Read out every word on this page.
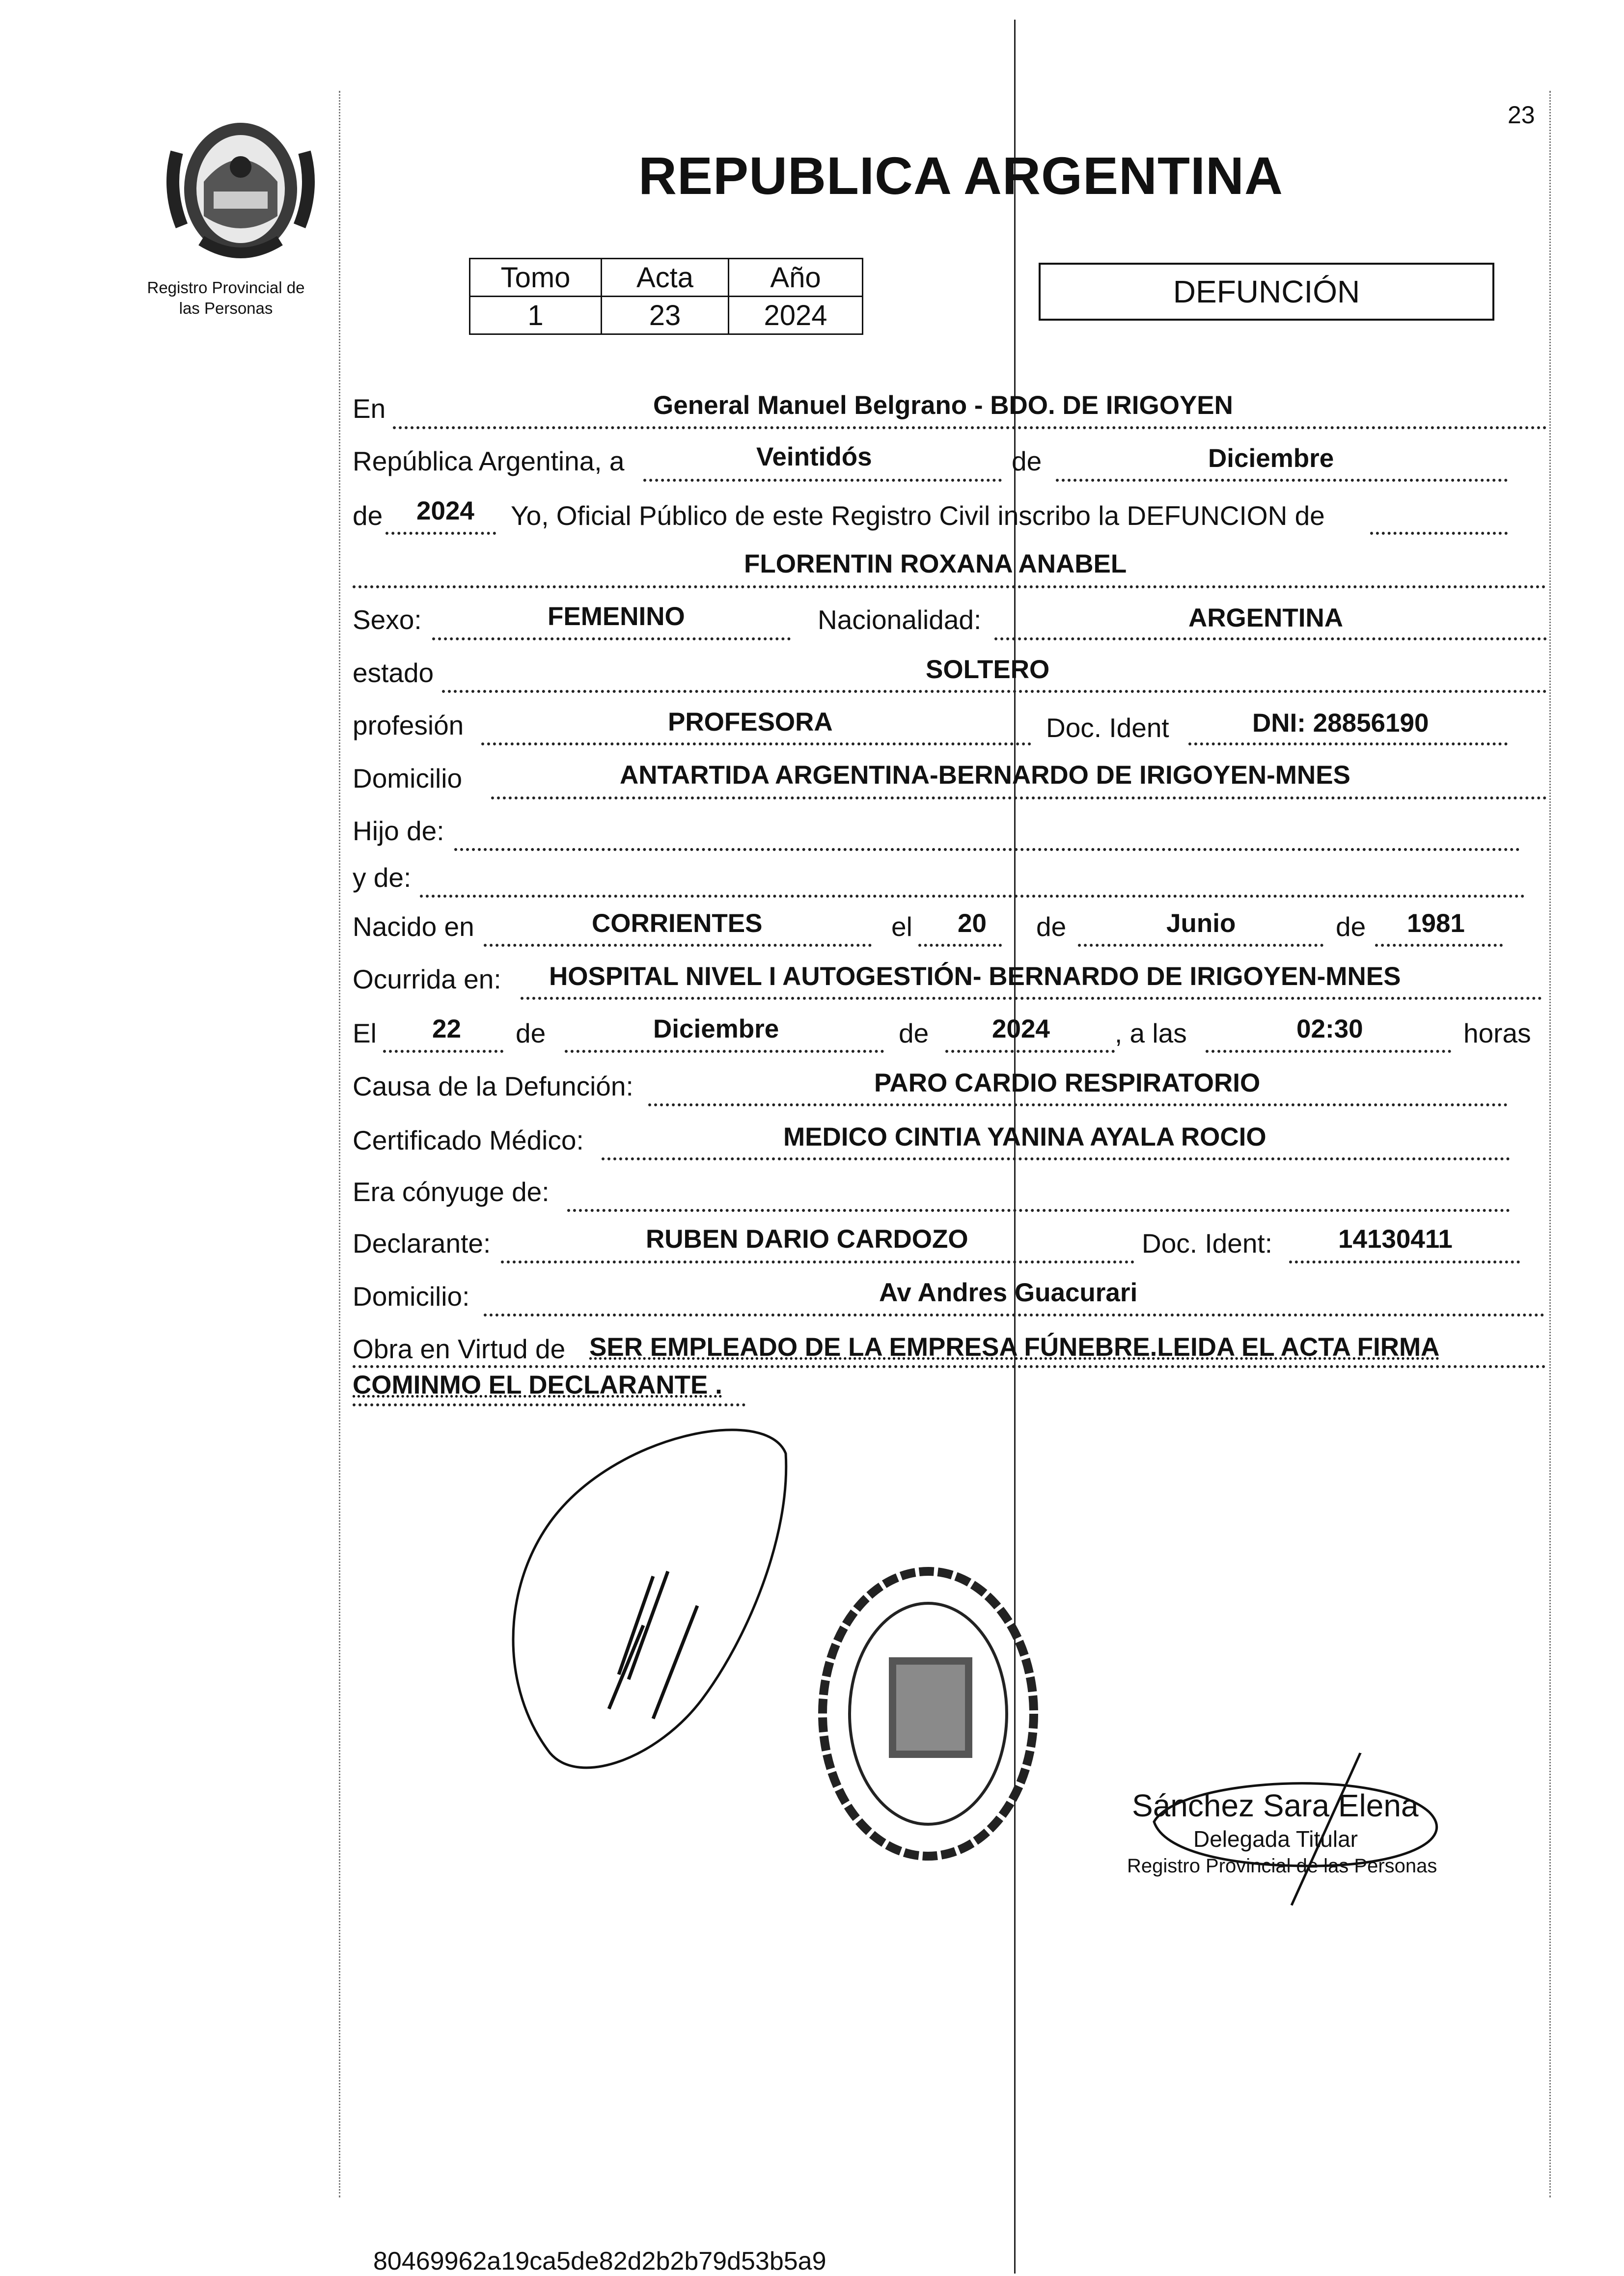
Registro Provincial de
las Personas
23
REPUBLICA ARGENTINA
Tomo	Acta	Año
1	23	2024
DEFUNCIÓN
En	General Manuel Belgrano - BDO. DE IRIGOYEN
República Argentina, a	Veintidós	de	Diciembre
de 2024 Yo, Oficial Público de este Registro Civil inscribo la DEFUNCION de
FLORENTIN ROXANA ANABEL
Sexo:	FEMENINO	Nacionalidad:	ARGENTINA
estado	SOLTERO
profesión	PROFESORA	Doc. Ident	DNI: 28856190
Domicilio	ANTARTIDA ARGENTINA-BERNARDO DE IRIGOYEN-MNES
Hijo de:
y de:
Nacido en	CORRIENTES	el 20 de	Junio	de 1981
Ocurrida en: HOSPITAL NIVEL I AUTOGESTIÓN- BERNARDO DE IRIGOYEN-MNES
El 22 de	Diciembre	de 2024 , a las	02:30	horas
Causa de la Defunción:	PARO CARDIO RESPIRATORIO
Certificado Médico:	MEDICO CINTIA YANINA AYALA ROCIO
Era cónyuge de:
Declarante:	RUBEN DARIO CARDOZO	Doc. Ident:	14130411
Domicilio:	Av Andres Guacurari
Obra en Virtud de SER EMPLEADO DE LA EMPRESA FÚNEBRE.LEIDA EL ACTA FIRMA
COMINMO EL DECLARANTE .
Sánchez Sara Elena
Delegada Titular
Registro Provincial de las Personas
80469962a19ca5de82d2b2b79d53b5a9
